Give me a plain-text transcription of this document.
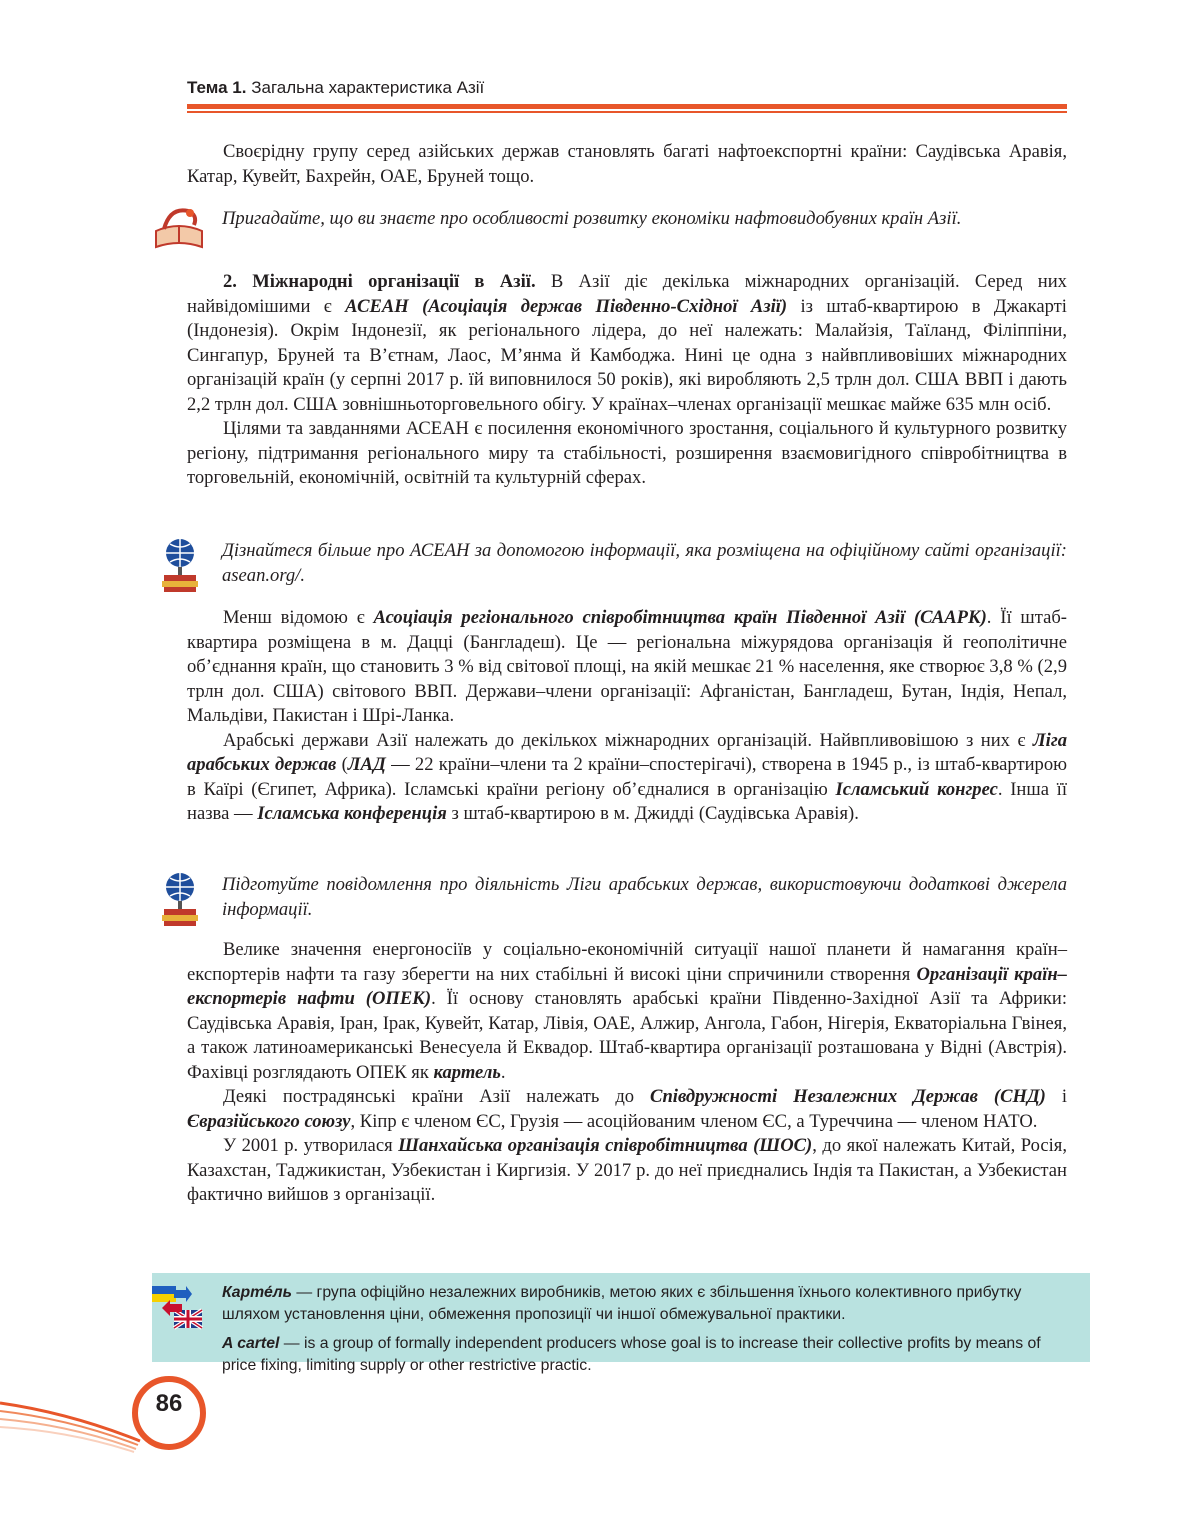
Тема 1. Загальна характеристика Азії

Своєрідну групу серед азійських держав становлять багаті нафтоекспортні країни: Саудівська Аравія, Катар, Кувейт, Бахрейн, ОАЕ, Бруней тощо.

Пригадайте, що ви знаєте про особливості розвитку економіки нафтовидобувних країн Азії.

2. Міжнародні організації в Азії. В Азії діє декілька міжнародних організацій. Серед них найвідомішими є АСЕАН (Асоціація держав Південно-Східної Азії) із штаб-квартирою в Джакарті (Індонезія). Окрім Індонезії, як регіонального лідера, до неї належать: Малайзія, Таїланд, Філіппіни, Сингапур, Бруней та В’єтнам, Лаос, М’янма й Камбоджа. Нині це одна з найвпливовіших міжнародних організацій країн (у серпні 2017 р. їй виповнилося 50 років), які виробляють 2,5 трлн дол. США ВВП і дають 2,2 трлн дол. США зовнішньоторговельного обігу. У країнах–членах організації мешкає майже 635 млн осіб.

Цілями та завданнями АСЕАН є посилення економічного зростання, соціального й культурного розвитку регіону, підтримання регіонального миру та стабільності, розширення взаємовигідного співробітництва в торговельній, економічній, освітній та культурній сферах.

Дізнайтеся більше про АСЕАН за допомогою інформації, яка розміщена на офіційному сайті організації: asean.org/.

Менш відомою є Асоціація регіонального співробітництва країн Південної Азії (СААРК). Її штаб-квартира розміщена в м. Дацці (Бангладеш). Це — регіональна міжурядова організація й геополітичне об’єднання країн, що становить 3 % від світової площі, на якій мешкає 21 % населення, яке створює 3,8 % (2,9 трлн дол. США) світового ВВП. Держави–члени організації: Афганістан, Бангладеш, Бутан, Індія, Непал, Мальдіви, Пакистан і Шрі-Ланка.

Арабські держави Азії належать до декількох міжнародних організацій. Найвпливовішою з них є Ліга арабських держав (ЛАД — 22 країни–члени та 2 країни–спостерігачі), створена в 1945 р., із штаб-квартирою в Каїрі (Єгипет, Африка). Ісламські країни регіону об’єдналися в організацію Ісламський конгрес. Інша її назва — Ісламська конференція з штаб-квартирою в м. Джидді (Саудівська Аравія).

Підготуйте повідомлення про діяльність Ліги арабських держав, використовуючи додаткові джерела інформації.

Велике значення енергоносіїв у соціально-економічній ситуації нашої планети й намагання країн–експортерів нафти та газу зберегти на них стабільні й високі ціни спричинили створення Організації країн–експортерів нафти (ОПЕК). Її основу становлять арабські країни Південно-Західної Азії та Африки: Саудівська Аравія, Іран, Ірак, Кувейт, Катар, Лівія, ОАЕ, Алжир, Ангола, Габон, Нігерія, Екваторіальна Гвінея, а також латиноамериканські Венесуела й Еквадор. Штаб-квартира організації розташована у Відні (Австрія). Фахівці розглядають ОПЕК як картель.

Деякі пострадянські країни Азії належать до Співдружності Незалежних Держав (СНД) і Євразійського союзу, Кіпр є членом ЄС, Грузія — асоційованим членом ЄС, а Туреччина — членом НАТО.

У 2001 р. утворилася Шанхайська організація співробітництва (ШОС), до якої належать Китай, Росія, Казахстан, Таджикистан, Узбекистан і Киргизія. У 2017 р. до неї приєднались Індія та Пакистан, а Узбекистан фактично вийшов з організації.

Карте́ль — група офіційно незалежних виробників, метою яких є збільшення їхнього колективного прибутку шляхом установлення ціни, обмеження пропозиції чи іншої обмежувальної практики.
A cartel — is a group of formally independent producers whose goal is to increase their collective profits by means of price fixing, limiting supply or other restrictive practic.
86
